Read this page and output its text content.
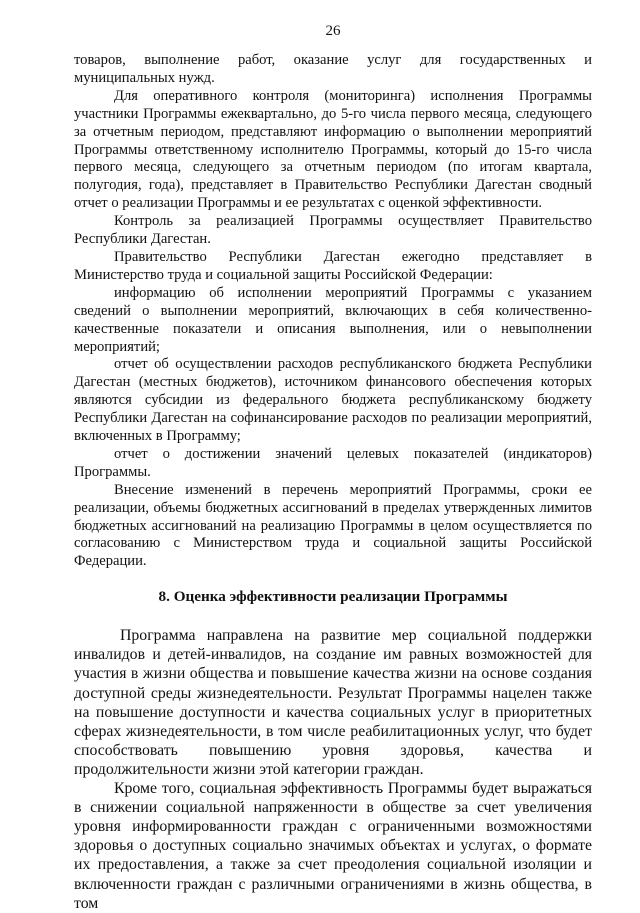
26

товаров, выполнение работ, оказание услуг для государственных и муниципальных нужд.

Для оперативного контроля (мониторинга) исполнения Программы участники Программы ежеквартально, до 5-го числа первого месяца, следующего за отчетным периодом, представляют информацию о выполнении мероприятий Программы ответственному исполнителю Программы, который до 15-го числа первого месяца, следующего за отчетным периодом (по итогам квартала, полугодия, года), представляет в Правительство Республики Дагестан сводный отчет о реализации Программы и ее результатах с оценкой эффективности.

Контроль за реализацией Программы осуществляет Правительство Республики Дагестан.

Правительство Республики Дагестан ежегодно представляет в Министерство труда и социальной защиты Российской Федерации:

информацию об исполнении мероприятий Программы с указанием сведений о выполнении мероприятий, включающих в себя количественно-качественные показатели и описания выполнения, или о невыполнении мероприятий;

отчет об осуществлении расходов республиканского бюджета Республики Дагестан (местных бюджетов), источником финансового обеспечения которых являются субсидии из федерального бюджета республиканскому бюджету Республики Дагестан на софинансирование расходов по реализации мероприятий, включенных в Программу;

отчет о достижении значений целевых показателей (индикаторов) Программы.

Внесение изменений в перечень мероприятий Программы, сроки ее реализации, объемы бюджетных ассигнований в пределах утвержденных лимитов бюджетных ассигнований на реализацию Программы в целом осуществляется по согласованию с Министерством труда и социальной защиты Российской Федерации.

8. Оценка эффективности реализации Программы

Программа направлена на развитие мер социальной поддержки инвалидов и детей-инвалидов, на создание им равных возможностей для участия в жизни общества и повышение качества жизни на основе создания доступной среды жизнедеятельности. Результат Программы нацелен также на повышение доступности и качества социальных услуг в приоритетных сферах жизнедеятельности, в том числе реабилитационных услуг, что будет способствовать повышению уровня здоровья, качества и продолжительности жизни этой категории граждан.

Кроме того, социальная эффективность Программы будет выражаться в снижении социальной напряженности в обществе за счет увеличения уровня информированности граждан с ограниченными возможностями здоровья о доступных социально значимых объектах и услугах, о формате их предоставления, а также за счет преодоления социальной изоляции и включенности граждан с различными ограничениями в жизнь общества, в том
